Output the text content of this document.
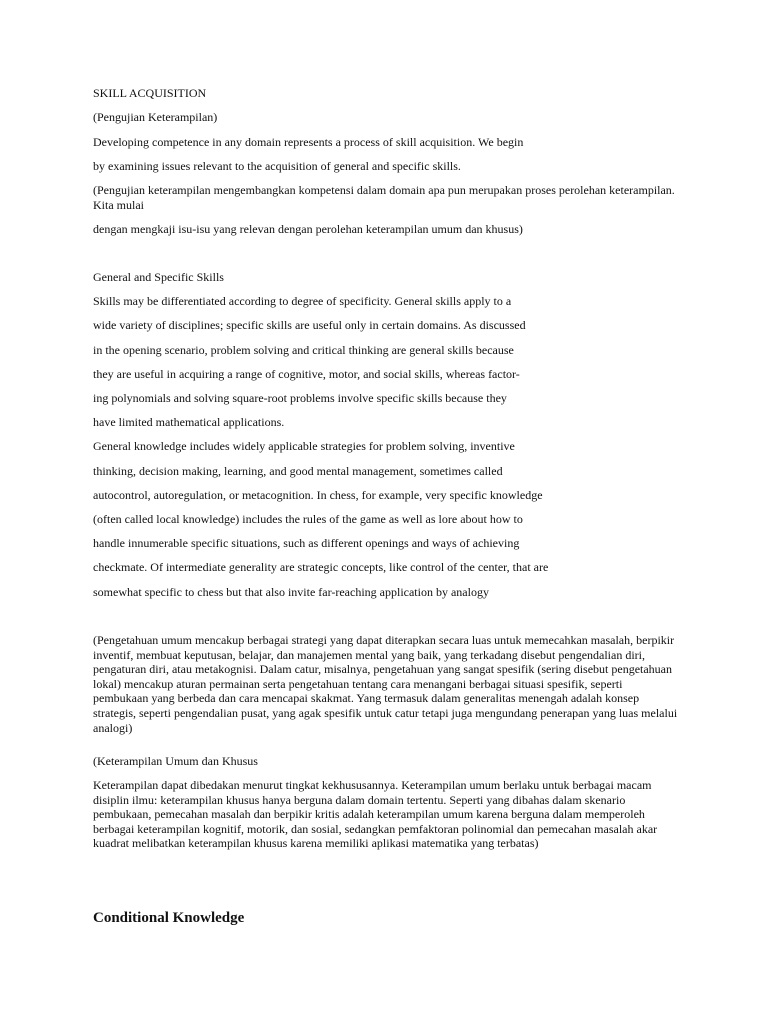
SKILL ACQUISITION

(Pengujian Keterampilan)

Developing competence in any domain represents a process of skill acquisition. We begin

by examining issues relevant to the acquisition of general and specific skills.

(Pengujian keterampilan mengembangkan kompetensi dalam domain apa pun merupakan proses perolehan keterampilan. Kita mulai

dengan mengkaji isu-isu yang relevan dengan perolehan keterampilan umum dan khusus)

General and Specific Skills

Skills may be differentiated according to degree of specificity. General skills apply to a

wide variety of disciplines; specific skills are useful only in certain domains. As discussed

in the opening scenario, problem solving and critical thinking are general skills because

they are useful in acquiring a range of cognitive, motor, and social skills, whereas factor-

ing polynomials and solving square-root problems involve specific skills because they

have limited mathematical applications.

General knowledge includes widely applicable strategies for problem solving, inventive

thinking, decision making, learning, and good mental management, sometimes called

autocontrol, autoregulation, or metacognition. In chess, for example, very specific knowledge

(often called local knowledge) includes the rules of the game as well as lore about how to

handle innumerable specific situations, such as different openings and ways of achieving

checkmate. Of intermediate generality are strategic concepts, like control of the center, that are

somewhat specific to chess but that also invite far-reaching application by analogy

(Pengetahuan umum mencakup berbagai strategi yang dapat diterapkan secara luas untuk memecahkan masalah, berpikir inventif, membuat keputusan, belajar, dan manajemen mental yang baik, yang terkadang disebut pengendalian diri, pengaturan diri, atau metakognisi. Dalam catur, misalnya, pengetahuan yang sangat spesifik (sering disebut pengetahuan lokal) mencakup aturan permainan serta pengetahuan tentang cara menangani berbagai situasi spesifik, seperti pembukaan yang berbeda dan cara mencapai skakmat. Yang termasuk dalam generalitas menengah adalah konsep strategis, seperti pengendalian pusat, yang agak spesifik untuk catur tetapi juga mengundang penerapan yang luas melalui analogi)

(Keterampilan Umum dan Khusus

Keterampilan dapat dibedakan menurut tingkat kekhususannya. Keterampilan umum berlaku untuk berbagai macam disiplin ilmu: keterampilan khusus hanya berguna dalam domain tertentu. Seperti yang dibahas dalam skenario pembukaan, pemecahan masalah dan berpikir kritis adalah keterampilan umum karena berguna dalam memperoleh berbagai keterampilan kognitif, motorik, dan sosial, sedangkan pemfaktoran polinomial dan pemecahan masalah akar kuadrat melibatkan keterampilan khusus karena memiliki aplikasi matematika yang terbatas)

Conditional Knowledge
